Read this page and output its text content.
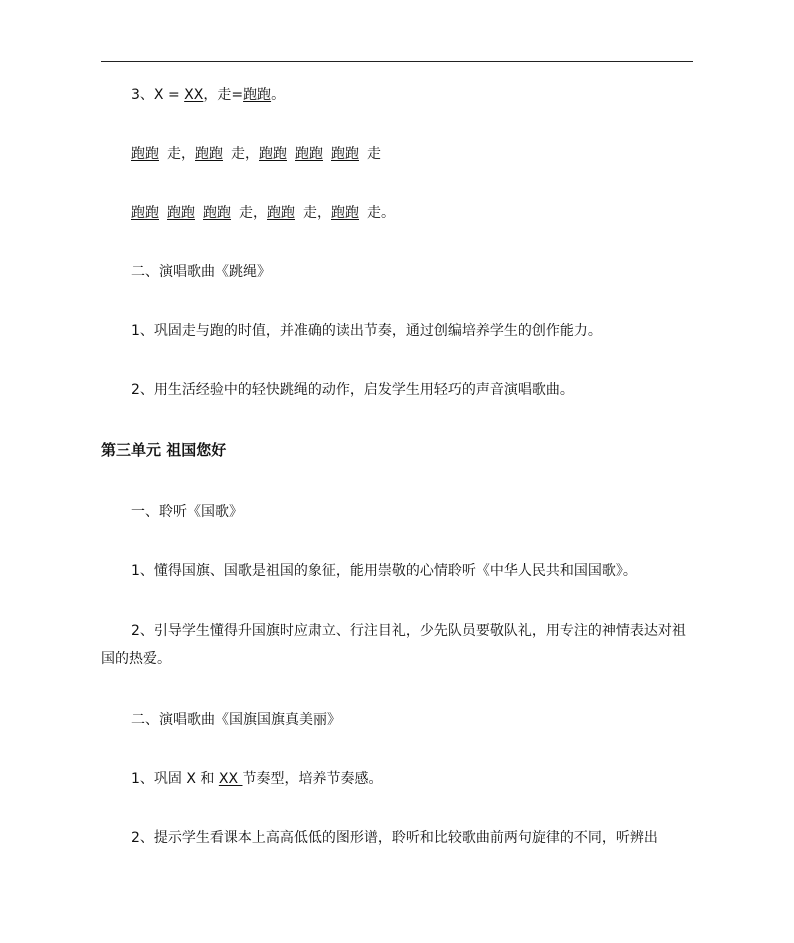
3、X = XX，走=跑跑。
跑跑 走，跑跑 走，跑跑 跑跑 跑跑 走
跑跑 跑跑 跑跑 走，跑跑 走，跑跑 走。
二、演唱歌曲《跳绳》
1、巩固走与跑的时值，并准确的读出节奏，通过创编培养学生的创作能力。
2、用生活经验中的轻快跳绳的动作，启发学生用轻巧的声音演唱歌曲。
第三单元 祖国您好
一、聆听《国歌》
1、懂得国旗、国歌是祖国的象征，能用崇敬的心情聆听《中华人民共和国国歌》。
2、引导学生懂得升国旗时应肃立、行注目礼，少先队员要敬队礼，用专注的神情表达对祖国的热爱。
二、演唱歌曲《国旗国旗真美丽》
1、巩固 X 和 XX 节奏型，培养节奏感。
2、提示学生看课本上高高低低的图形谱，聆听和比较歌曲前两句旋律的不同，听辨出
